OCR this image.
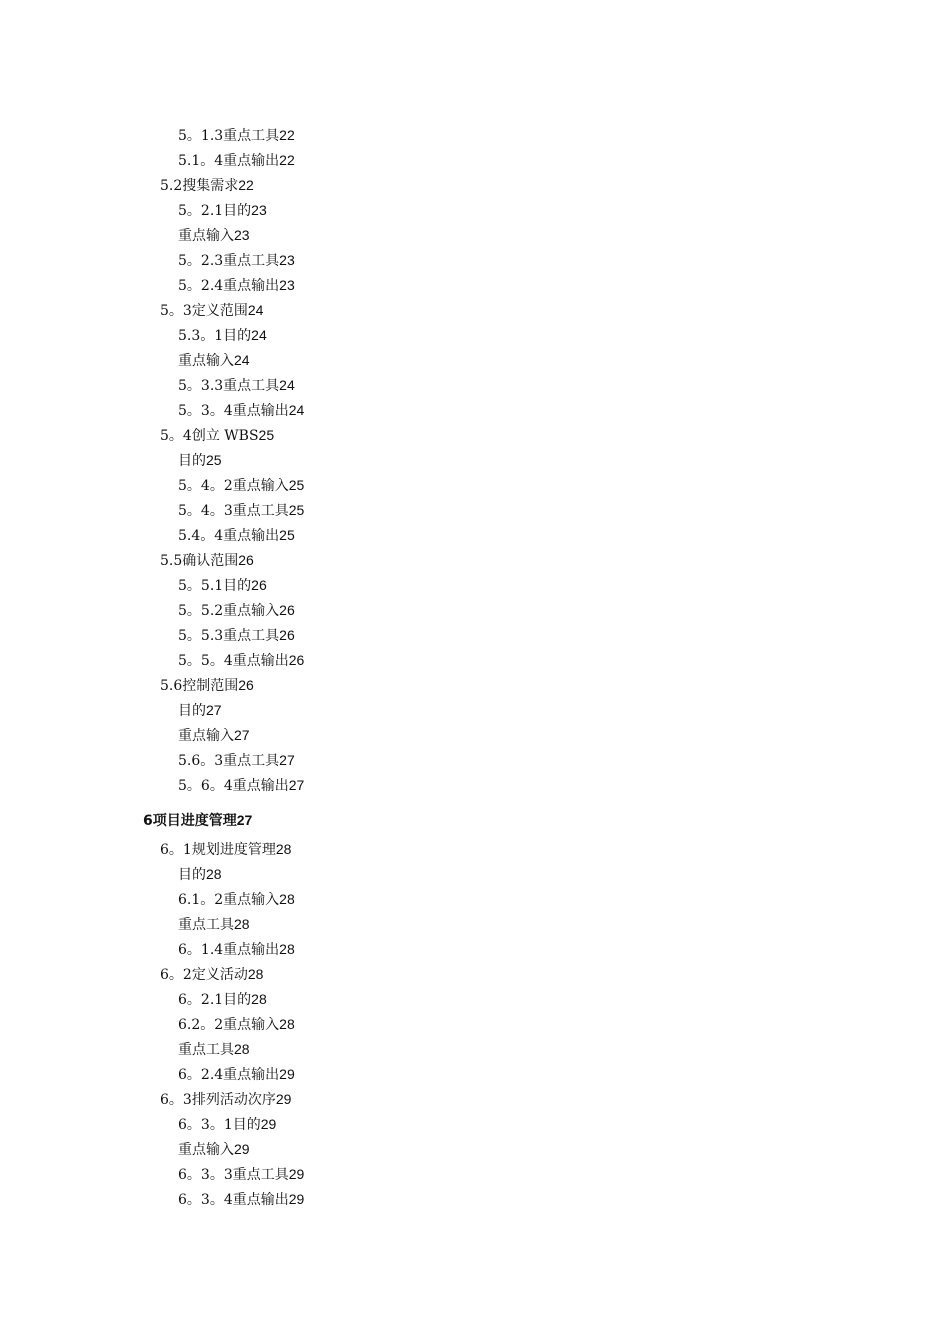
5。1.3重点工具22
5.1。4重点输出22
5.2搜集需求22
5。2.1目的23
重点输入23
5。2.3重点工具23
5。2.4重点输出23
5。3定义范围24
5.3。1目的24
重点输入24
5。3.3重点工具24
5。3。4重点输出24
5。4创立 WBS25
目的25
5。4。2重点输入25
5。4。3重点工具25
5.4。4重点输出25
5.5确认范围26
5。5.1目的26
5。5.2重点输入26
5。5.3重点工具26
5。5。4重点输出26
5.6控制范围26
目的27
重点输入27
5.6。3重点工具27
5。6。4重点输出27
6项目进度管理27
6。1规划进度管理28
目的28
6.1。2重点输入28
重点工具28
6。1.4重点输出28
6。2定义活动28
6。2.1目的28
6.2。2重点输入28
重点工具28
6。2.4重点输出29
6。3排列活动次序29
6。3。1目的29
重点输入29
6。3。3重点工具29
6。3。4重点输出29
